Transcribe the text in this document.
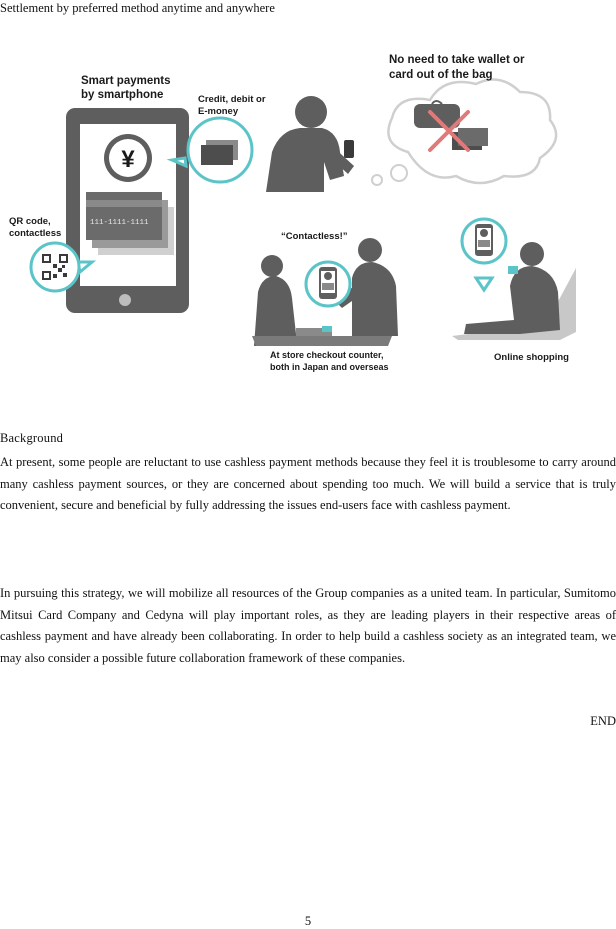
Settlement by preferred method anytime and anywhere
¥
111-1111-1111
Smart payments
by smartphone	Credit, debit or
E-money
QR code,
contactless
No need to take wallet or
card out of the bag
“Contactless!”
At store checkout counter,
both in Japan and overseas
Online shopping
Background

At present, some people are reluctant to use cashless payment methods because they feel it is troublesome to carry around many cashless payment sources, or they are concerned about spending too much. We will build a service that is truly convenient, secure and beneficial by fully addressing the issues end-users face with cashless payment.

In pursuing this strategy, we will mobilize all resources of the Group companies as a united team. In particular, Sumitomo Mitsui Card Company and Cedyna will play important roles, as they are leading players in their respective areas of cashless payment and have already been collaborating. In order to help build a cashless society as an integrated team, we may also consider a possible future collaboration framework of these companies.

END
5
